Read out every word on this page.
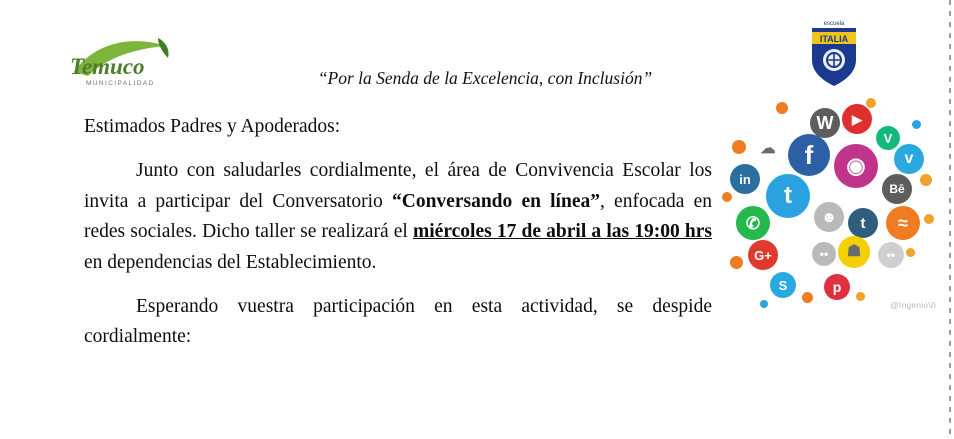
Temuco
MUNICIPALIDAD	“Por la Senda de la Excelencia, con Inclusión”
escuela
ITALIA
@IngenioVi
W	▶
V
☁	f	◉	v
in
t	Bē
✆	☻	t	≈
G+	••	☗	••
S	p

Estimados Padres y Apoderados:

Junto con saludarles cordialmente, el área de Convivencia Escolar los invita a participar del Conversatorio “Conversando en línea”, enfocada en redes sociales. Dicho taller se realizará el miércoles 17 de abril a las 19:00 hrs en dependencias del Establecimiento.

Esperando vuestra participación en esta actividad, se despide cordialmente:
